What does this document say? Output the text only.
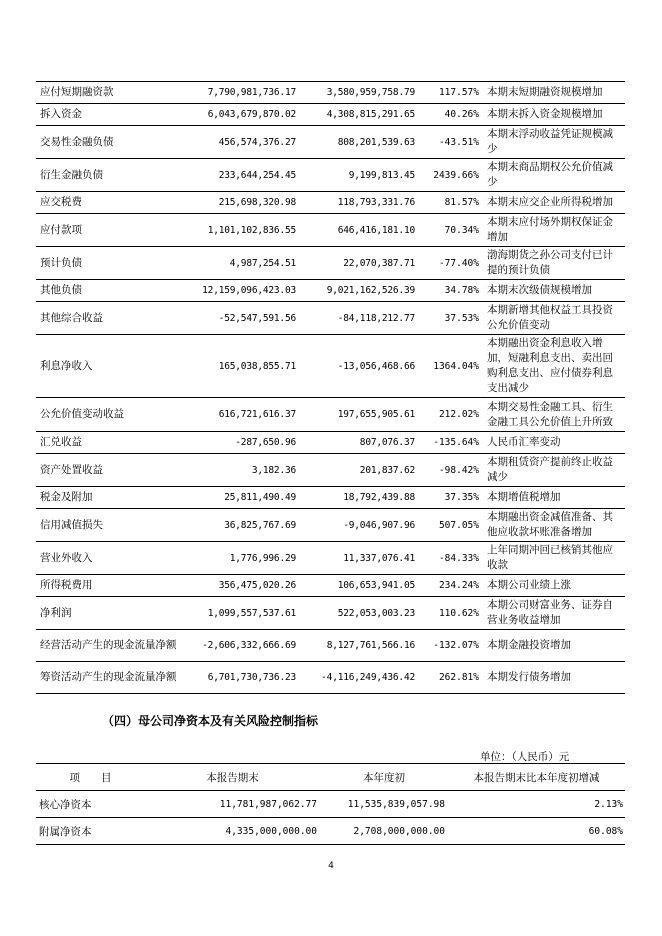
应付短期融资款	7,790,981,736.17	3,580,959,758.79	117.57%	本期末短期融资规模增加
拆入资金	6,043,679,870.02	4,308,815,291.65	40.26%	本期末拆入资金规模增加
交易性金融负债	456,574,376.27	808,201,539.63	-43.51%	本期末浮动收益凭证规模减少
衍生金融负债	233,644,254.45	9,199,813.45	2439.66%	本期末商品期权公允价值减少
应交税费	215,698,320.98	118,793,331.76	81.57%	本期末应交企业所得税增加
应付款项	1,101,102,836.55	646,416,181.10	70.34%	本期末应付场外期权保证金增加
预计负债	4,987,254.51	22,070,387.71	-77.40%	渤海期货之孙公司支付已计提的预计负债
其他负债	12,159,096,423.03	9,021,162,526.39	34.78%	本期末次级债规模增加
其他综合收益	-52,547,591.56	-84,118,212.77	37.53%	本期新增其他权益工具投资公允价值变动
利息净收入	165,038,855.71	-13,056,468.66	1364.04%	本期融出资金利息收入增加，短融利息支出、卖出回购利息支出、应付债券利息支出减少
公允价值变动收益	616,721,616.37	197,655,905.61	212.02%	本期交易性金融工具、衍生金融工具公允价值上升所致
汇兑收益	-287,650.96	807,076.37	-135.64%	人民币汇率变动
资产处置收益	3,182.36	201,837.62	-98.42%	本期租赁资产提前终止收益减少
税金及附加	25,811,490.49	18,792,439.88	37.35%	本期增值税增加
信用减值损失	36,825,767.69	-9,046,907.96	507.05%	本期融出资金减值准备、其他应收款坏账准备增加
营业外收入	1,776,996.29	11,337,076.41	-84.33%	上年同期冲回已核销其他应收款
所得税费用	356,475,020.26	106,653,941.05	234.24%	本期公司业绩上涨
净利润	1,099,557,537.61	522,053,003.23	110.62%	本期公司财富业务、证券自营业务收益增加
经营活动产生的现金流量净额	-2,606,332,666.69	8,127,761,566.16	-132.07%	本期金融投资增加
筹资活动产生的现金流量净额	6,701,730,736.23	-4,116,249,436.42	262.81%	本期发行债务增加
（四）母公司净资本及有关风险控制指标
单位：（人民币）元
项　　目	本报告期末	本年度初	本报告期末比本年度初增减
核心净资本	11,781,987,062.77	11,535,839,057.98	2.13%
附属净资本	4,335,000,000.00	2,708,000,000.00	60.08%
4
